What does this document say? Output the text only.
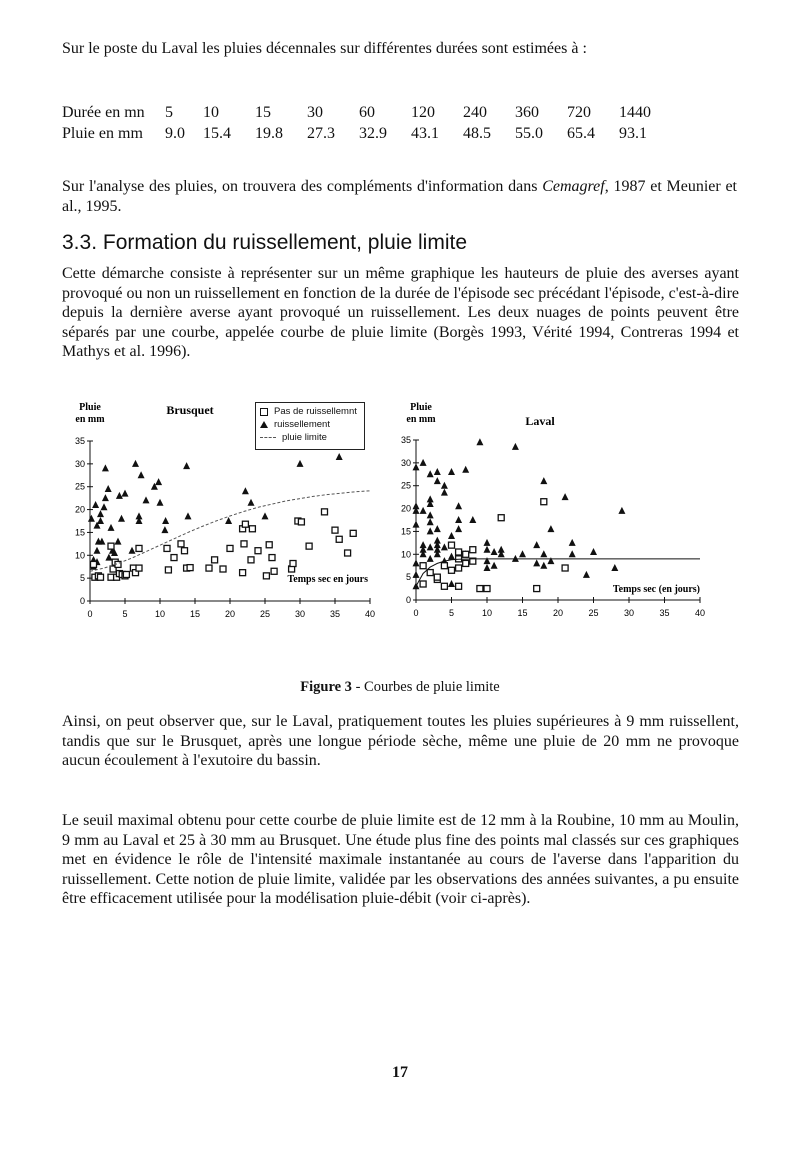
Sur le poste du Laval les pluies décennales sur différentes durées sont estimées à :
Durée en mn	5	10	15	30	60	120	240	360	720	1440
Pluie en mm	9.0	15.4	19.8	27.3	32.9	43.1	48.5	55.0	65.4	93.1
Sur l'analyse des pluies, on trouvera des compléments d'information dans Cemagref, 1987 et Meunier et al., 1995.
3.3. Formation du ruissellement, pluie limite
Cette démarche consiste à représenter sur un même graphique les hauteurs de pluie des averses ayant provoqué ou non un ruissellement en fonction de la durée de l'épisode sec précédant l'épisode, c'est-à-dire depuis la dernière averse ayant provoqué un ruissellement. Les deux nuages de points peuvent être séparés par une courbe, appelée courbe de pluie limite (Borgès 1993, Vérité 1994, Contreras 1994 et Mathys et al. 1996).
0	5	10	15	20	25	30	35	40
0
5
10
15
20
25
30
35
Pluie
en mm
Brusquet
Temps sec en jours
0	5	10	15	20	25	30	35	40
0
5
10
15
20
25
30
35
Pluie
en mm	Laval
Temps sec (en jours)
Pas de ruissellemnt
ruissellement
pluie limite
Figure 3 - Courbes de pluie limite
Ainsi, on peut observer que, sur le Laval, pratiquement toutes les pluies supérieures à 9 mm ruissellent, tandis que sur le Brusquet, après une longue période sèche, même une pluie de 20 mm ne provoque aucun écoulement à l'exutoire du bassin.
Le seuil maximal obtenu pour cette courbe de pluie limite est de 12 mm à la Roubine, 10 mm au Moulin, 9 mm au Laval et 25 à 30 mm au Brusquet. Une étude plus fine des points mal classés sur ces graphiques met en évidence le rôle de l'intensité maximale instantanée au cours de l'averse dans l'apparition du ruissellement. Cette notion de pluie limite, validée par les observations des années suivantes, a pu ensuite être efficacement utilisée pour la modélisation pluie-débit (voir ci-après).
17
